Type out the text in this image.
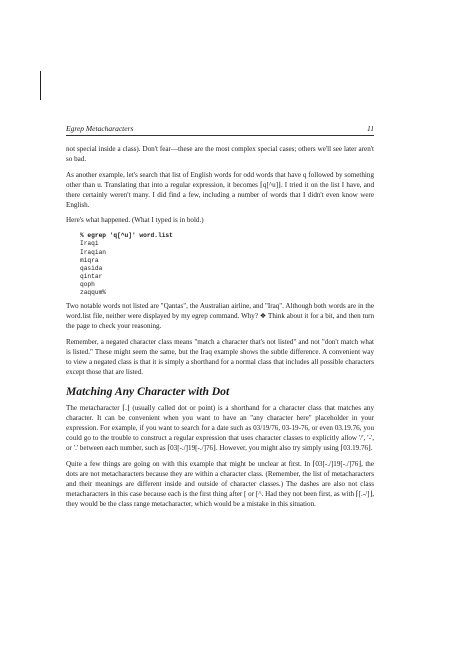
Egrep Metacharacters	11

not special inside a class). Don't fear—these are the most complex special cases; others we'll see later aren't so bad.

As another example, let's search that list of English words for odd words that have q followed by something other than u. Translating that into a regular expression, it becomes ⌈q[^u]⌋. I tried it on the list I have, and there certainly weren't many. I did find a few, including a number of words that I didn't even know were English.

Here's what happened. (What I typed is in bold.)

% egrep 'q[^u]' word.list
Iraqi
Iraqian
miqra
qasida
qintar
qoph
zaqqum%

Two notable words not listed are "Qantas", the Australian airline, and "Iraq". Although both words are in the word.list file, neither were displayed by my egrep command. Why? ❖ Think about it for a bit, and then turn the page to check your reasoning.

Remember, a negated character class means "match a character that's not listed" and not "don't match what is listed." These might seem the same, but the Iraq example shows the subtle difference. A convenient way to view a negated class is that it is simply a shorthand for a normal class that includes all possible characters except those that are listed.

Matching Any Character with Dot

The metacharacter ⌈.⌋ (usually called dot or point) is a shorthand for a character class that matches any character. It can be convenient when you want to have an "any character here" placeholder in your expression. For example, if you want to search for a date such as 03/19/76, 03-19-76, or even 03.19.76, you could go to the trouble to construct a regular expression that uses character classes to explicitly allow '/', '-', or '.' between each number, such as ⌈03[-./]19[-./]76⌋. However, you might also try simply using ⌈03.19.76⌋.

Quite a few things are going on with this example that might be unclear at first. In ⌈03[-./]19[-./]76⌋, the dots are not metacharacters because they are within a character class. (Remember, the list of metacharacters and their meanings are different inside and outside of character classes.) The dashes are also not class metacharacters in this case because each is the first thing after [ or [^. Had they not been first, as with ⌈[.-/]⌋, they would be the class range metacharacter, which would be a mistake in this situation.
